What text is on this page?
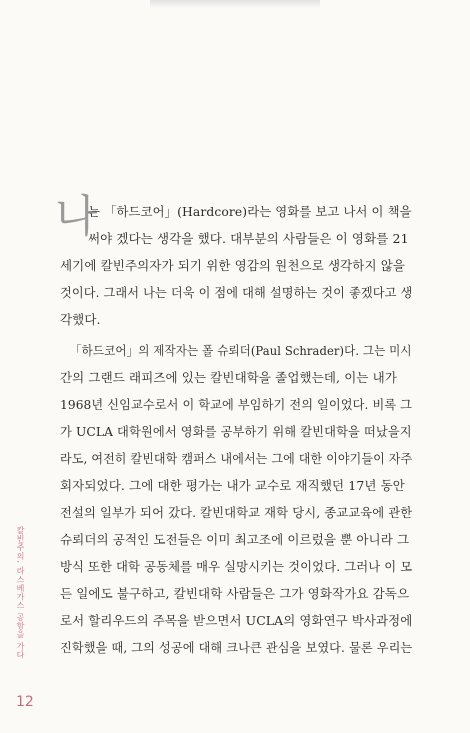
나
는 「하드코어」(Hardcore)라는 영화를 보고 나서 이 책을
써야 겠다는 생각을 했다. 대부분의 사람들은 이 영화를 21
세기에 칼빈주의자가 되기 위한 영감의 원천으로 생각하지 않을
것이다. 그래서 나는 더욱 이 점에 대해 설명하는 것이 좋겠다고 생
각했다.
「하드코어」의 제작자는 폴 슈뢰더(Paul Schrader)다. 그는 미시
간의 그랜드 래피즈에 있는 칼빈대학을 졸업했는데, 이는 내가
1968년 신임교수로서 이 학교에 부임하기 전의 일이었다. 비록 그
가 UCLA 대학원에서 영화를 공부하기 위해 칼빈대학을 떠났을지
라도, 여전히 칼빈대학 캠퍼스 내에서는 그에 대한 이야기들이 자주
회자되었다. 그에 대한 평가는 내가 교수로 재직했던 17년 동안
전설의 일부가 되어 갔다. 칼빈대학교 재학 당시, 종교교육에 관한
슈뢰더의 공적인 도전들은 이미 최고조에 이르렀을 뿐 아니라 그
방식 또한 대학 공동체를 매우 실망시키는 것이었다. 그러나 이 모
든 일에도 불구하고, 칼빈대학 사람들은 그가 영화작가요 감독으
로서 할리우드의 주목을 받으면서 UCLA의 영화연구 박사과정에
진학했을 때, 그의 성공에 대해 크나큰 관심을 보였다. 물론 우리는
칼빈주의, 라스베가스 공항을 가다
12
